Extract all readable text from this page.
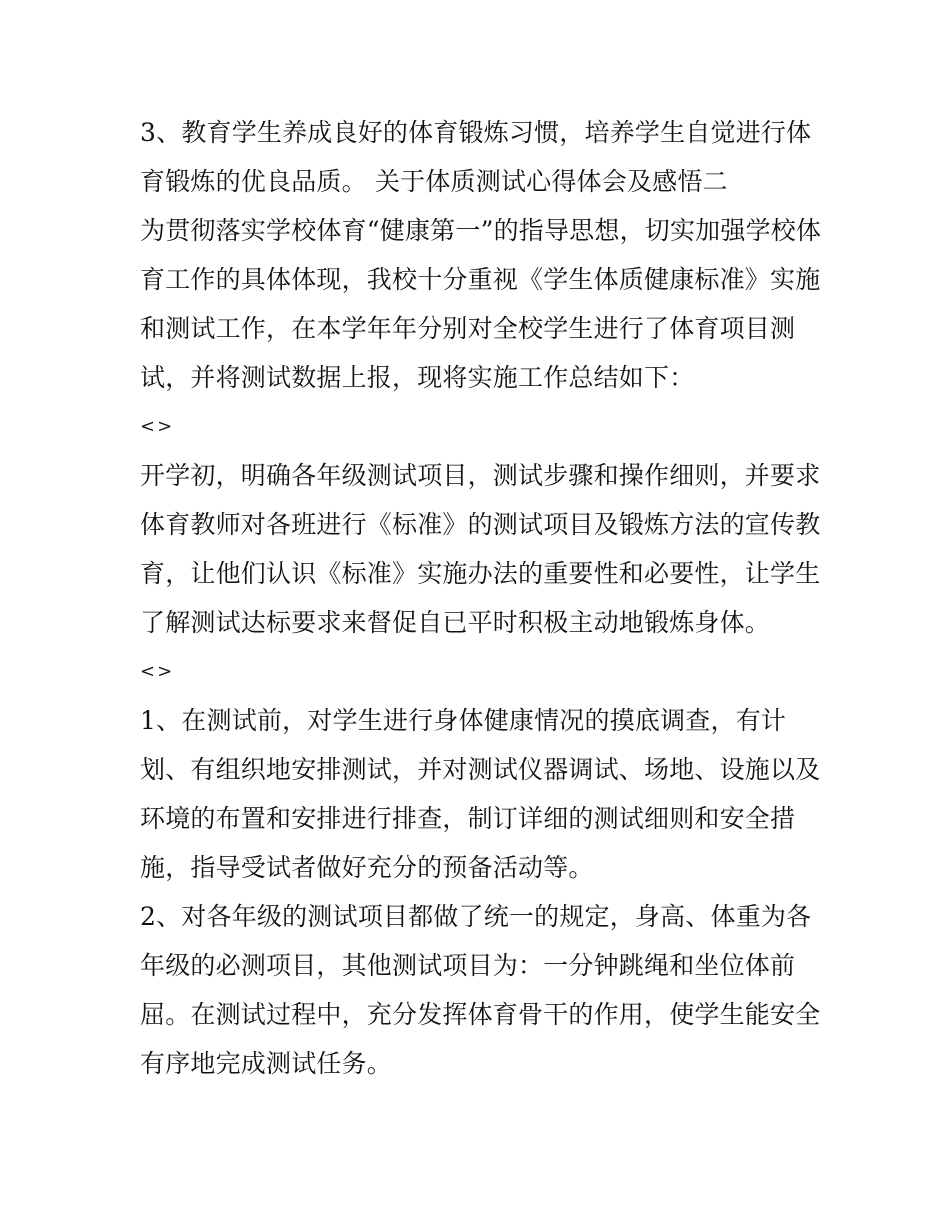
3、教育学生养成良好的体育锻炼习惯，培养学生自觉进行体
育锻炼的优良品质。 关于体质测试心得体会及感悟二
为贯彻落实学校体育“健康第一”的指导思想，切实加强学校体
育工作的具体体现，我校十分重视《学生体质健康标准》实施
和测试工作，在本学年年分别对全校学生进行了体育项目测
试，并将测试数据上报，现将实施工作总结如下：
<>
开学初，明确各年级测试项目，测试步骤和操作细则，并要求
体育教师对各班进行《标准》的测试项目及锻炼方法的宣传教
育，让他们认识《标准》实施办法的重要性和必要性，让学生
了解测试达标要求来督促自已平时积极主动地锻炼身体。
<>
1、在测试前，对学生进行身体健康情况的摸底调查，有计
划、有组织地安排测试，并对测试仪器调试、场地、设施以及
环境的布置和安排进行排查，制订详细的测试细则和安全措
施，指导受试者做好充分的预备活动等。
2、对各年级的测试项目都做了统一的规定，身高、体重为各
年级的必测项目，其他测试项目为：一分钟跳绳和坐位体前
屈。在测试过程中，充分发挥体育骨干的作用，使学生能安全
有序地完成测试任务。
